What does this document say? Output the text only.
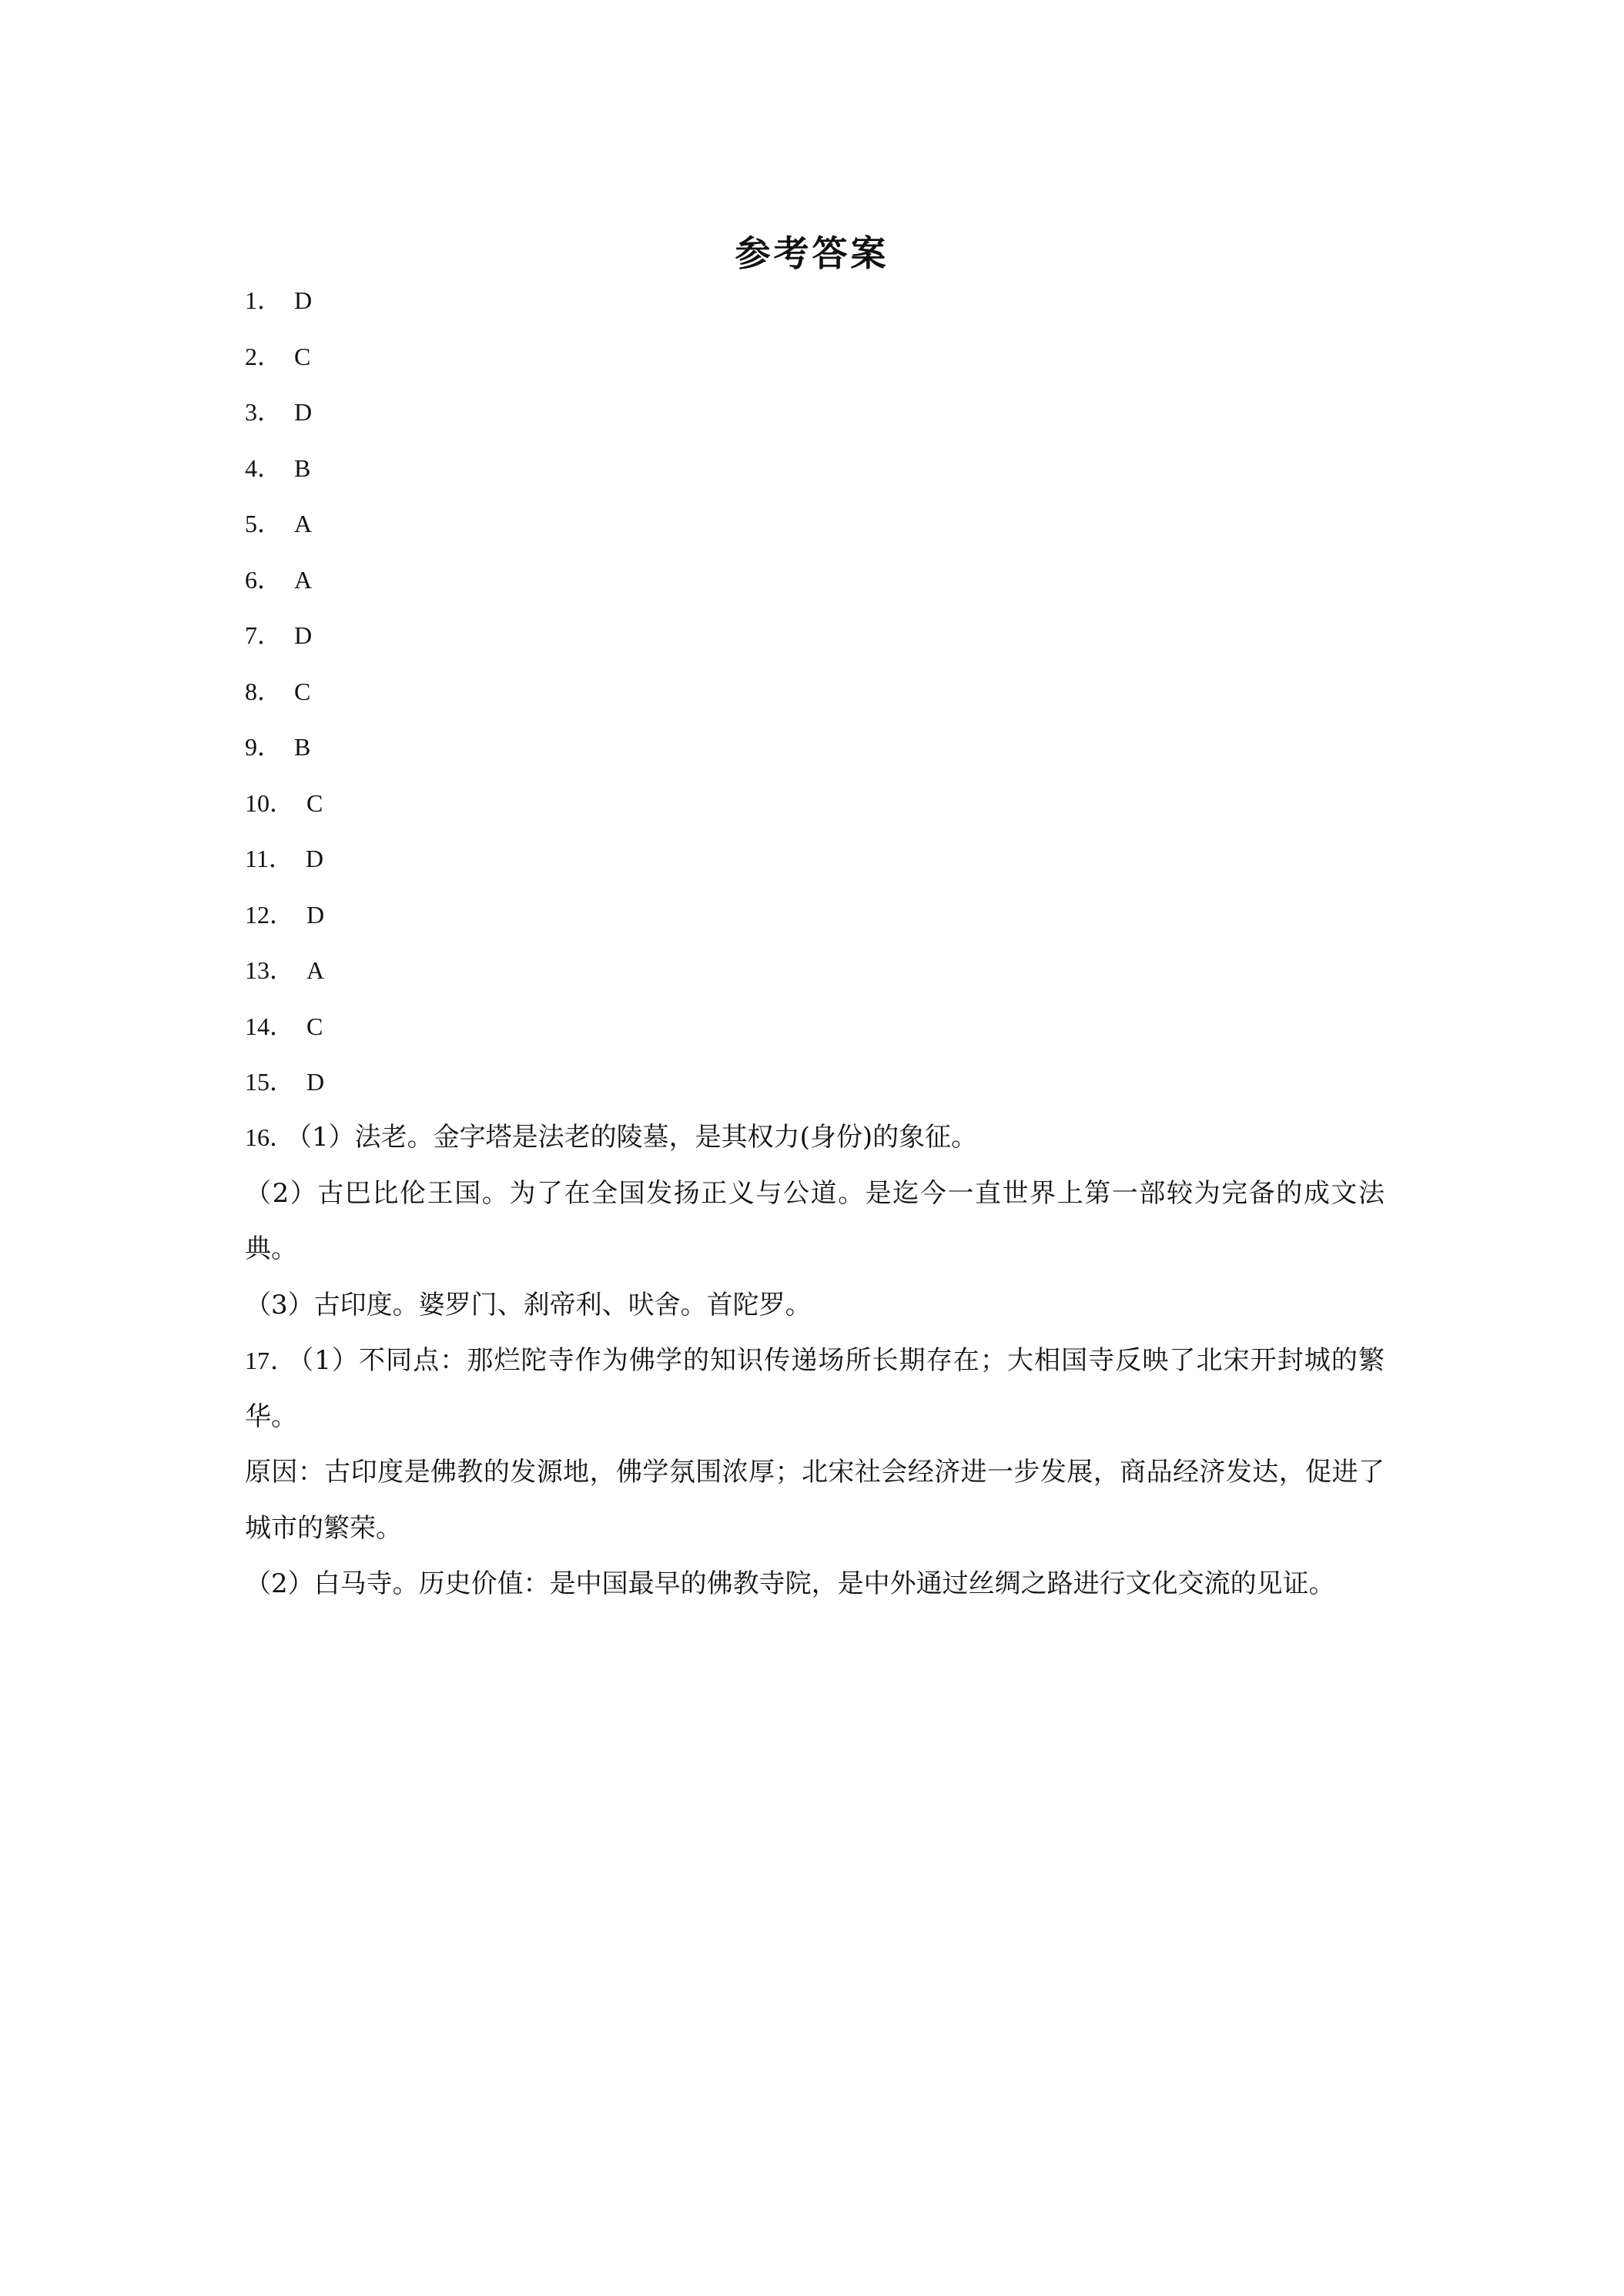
参考答案
1． D
2． C
3． D
4． B
5． A
6． A
7． D
8． C
9． B
10． C
11． D
12． D
13． A
14． C
15． D

16． （1）法老。金字塔是法老的陵墓，是其权力(身份)的象征。

（2）古巴比伦王国。为了在全国发扬正义与公道。是迄今一直世界上第一部较为完备的成文法典。

（3）古印度。婆罗门、刹帝利、吠舍。首陀罗。

17． （1）不同点：那烂陀寺作为佛学的知识传递场所长期存在；大相国寺反映了北宋开封城的繁华。

原因：古印度是佛教的发源地，佛学氛围浓厚；北宋社会经济进一步发展，商品经济发达，促进了城市的繁荣。

（2）白马寺。历史价值：是中国最早的佛教寺院，是中外通过丝绸之路进行文化交流的见证。
